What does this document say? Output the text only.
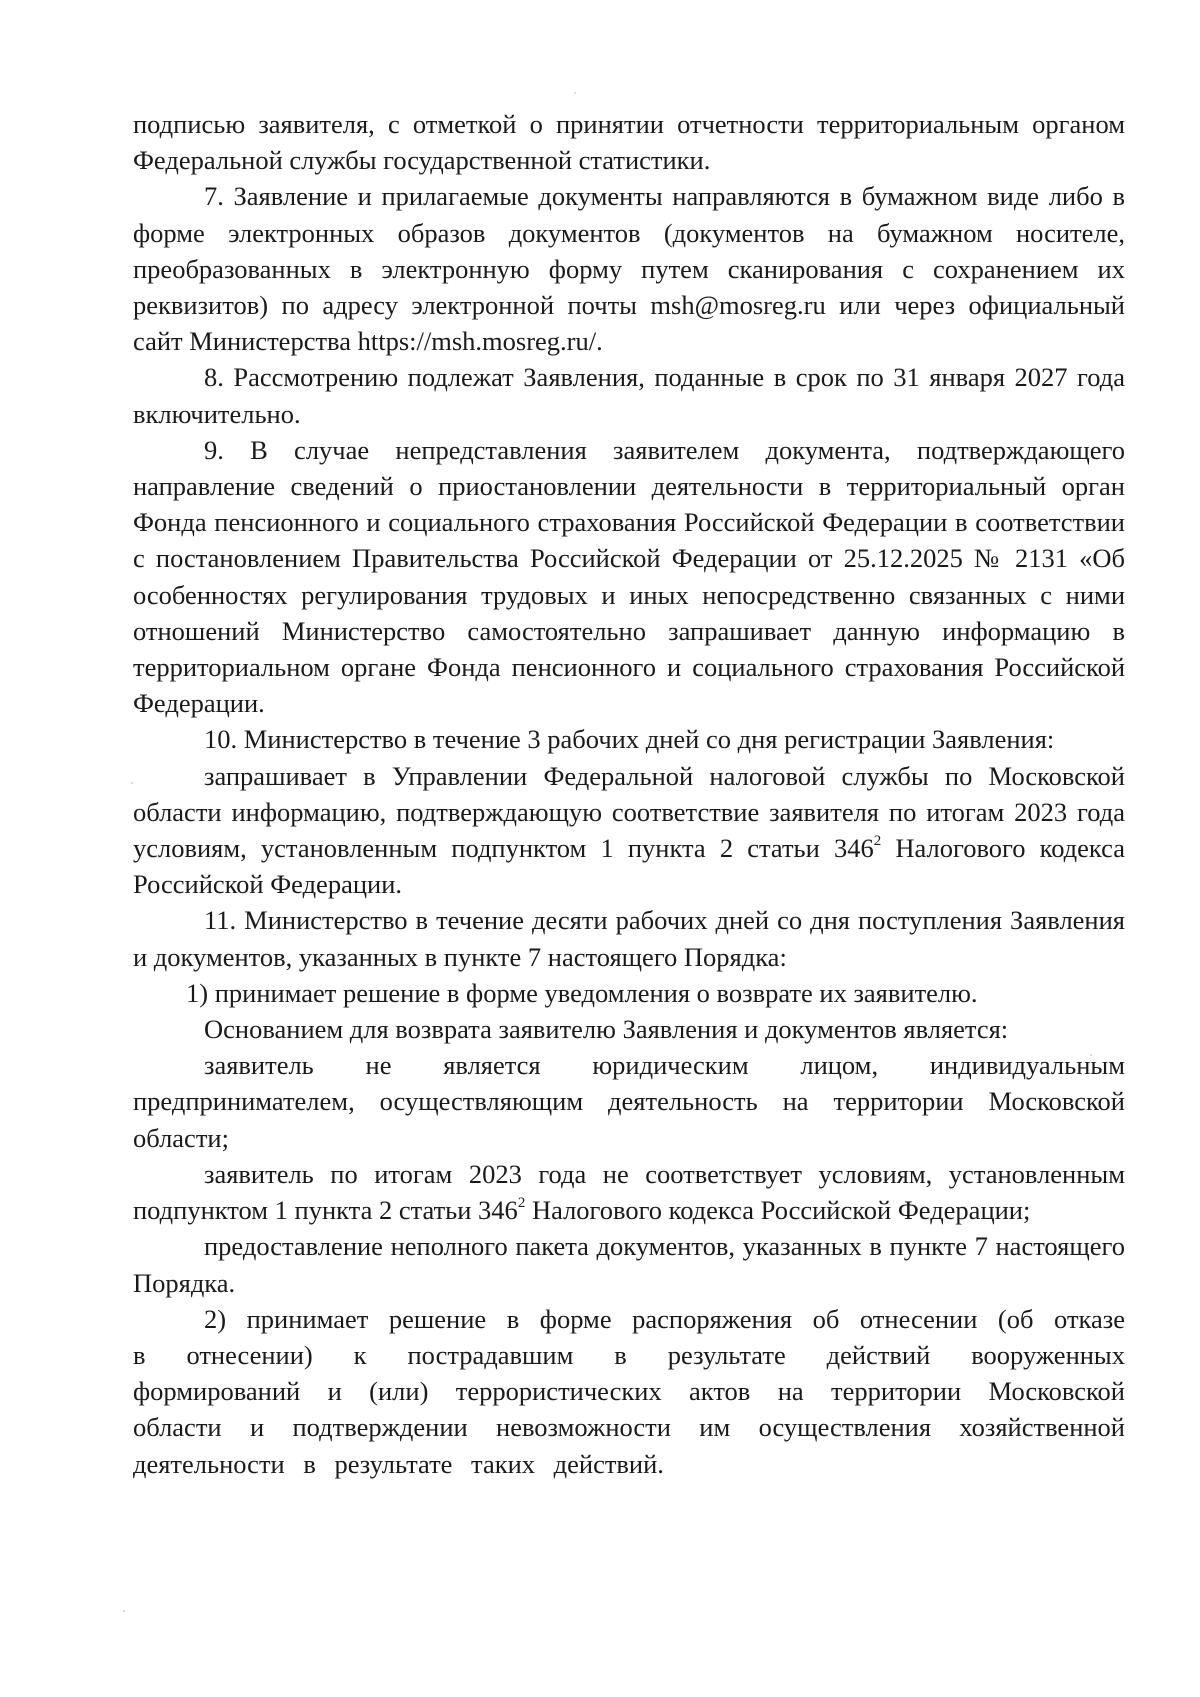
подписью заявителя, с отметкой о принятии отчетности территориальным органом Федеральной службы государственной статистики.

7. Заявление и прилагаемые документы направляются в бумажном виде либо в форме электронных образов документов (документов на бумажном носителе, преобразованных в электронную форму путем сканирования с сохранением их реквизитов) по адресу электронной почты msh@mosreg.ru или через официальный сайт Министерства https://msh.mosreg.ru/.

8. Рассмотрению подлежат Заявления, поданные в срок по 31 января 2027 года включительно.

9. В случае непредставления заявителем документа, подтверждающего направление сведений о приостановлении деятельности в территориальный орган Фонда пенсионного и социального страхования Российской Федерации в соответствии с постановлением Правительства Российской Федерации от 25.12.2025 № 2131 «Об особенностях регулирования трудовых и иных непосредственно связанных с ними отношений Министерство самостоятельно запрашивает данную информацию в территориальном органе Фонда пенсионного и социального страхования Российской Федерации.

10. Министерство в течение 3 рабочих дней со дня регистрации Заявления:

запрашивает в Управлении Федеральной налоговой службы по Московской области информацию, подтверждающую соответствие заявителя по итогам 2023 года условиям, установленным подпунктом 1 пункта 2 статьи $346^2$ Налогового кодекса Российской Федерации.

11. Министерство в течение десяти рабочих дней со дня поступления Заявления и документов, указанных в пункте 7 настоящего Порядка:

1) принимает решение в форме уведомления о возврате их заявителю.

Основанием для возврата заявителю Заявления и документов является:

заявитель не является юридическим лицом, индивидуальным предпринимателем, осуществляющим деятельность на территории Московской области;

заявитель по итогам 2023 года не соответствует условиям, установленным подпунктом 1 пункта 2 статьи $346^2$ Налогового кодекса Российской Федерации;

предоставление неполного пакета документов, указанных в пункте 7 настоящего Порядка.

2) принимает решение в форме распоряжения об отнесении (об отказе в отнесении) к пострадавшим в результате действий вооруженных формирований и (или) террористических актов на территории Московской области и подтверждении невозможности им осуществления хозяйственной деятельности в результате таких действий.
